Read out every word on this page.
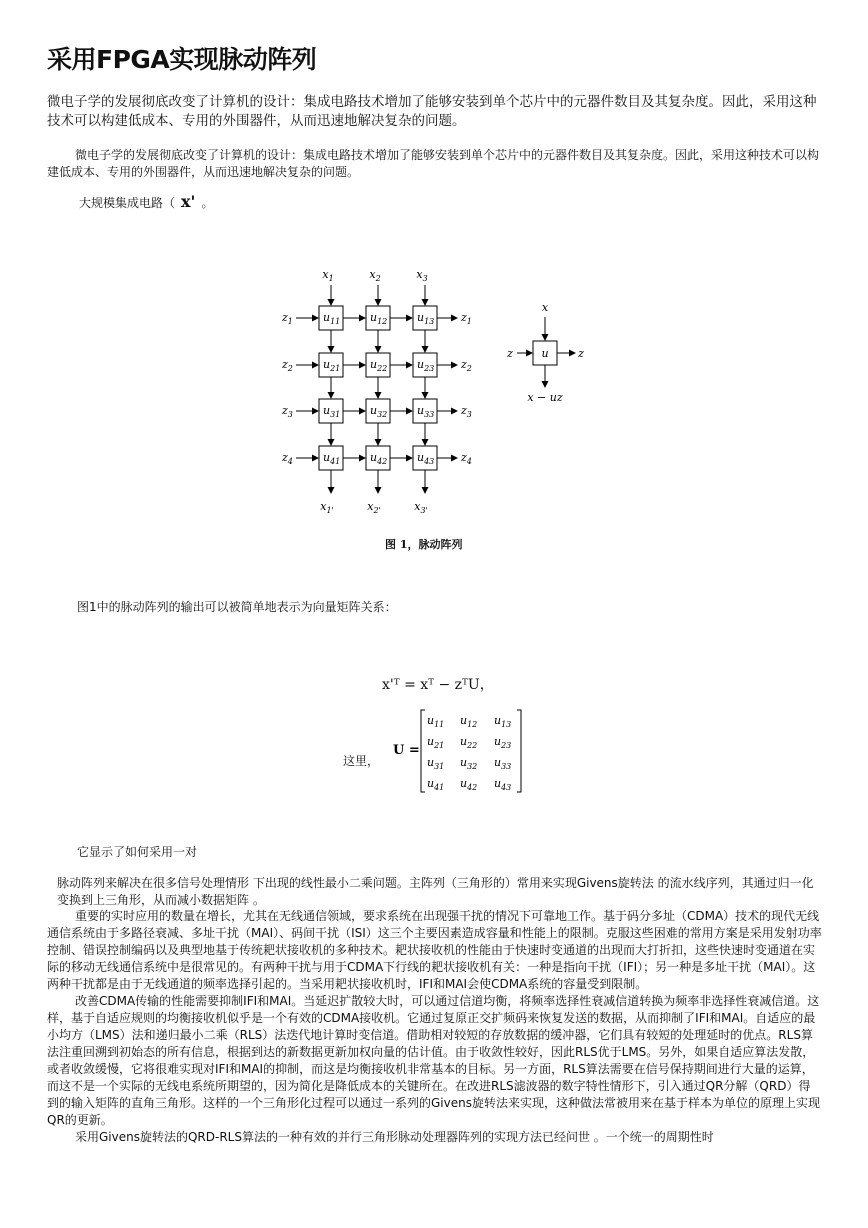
采用FPGA实现脉动阵列
微电子学的发展彻底改变了计算机的设计：集成电路技术增加了能够安装到单个芯片中的元器件数目及其复杂度。因此，采用这种技术可以构建低成本、专用的外围器件，从而迅速地解决复杂的问题。
微电子学的发展彻底改变了计算机的设计：集成电路技术增加了能够安装到单个芯片中的元器件数目及其复杂度。因此，采用这种技术可以构建低成本、专用的外围器件，从而迅速地解决复杂的问题。
大规模集成电路（ x' 。
$x_1$	$x_2$	$x_3$
$u_{11}$	$u_{12}$	$u_{13}$
$z_1$	$z_1$
$u_{21}$	$u_{22}$	$u_{23}$
$z_2$	$z_2$
$u_{31}$	$u_{32}$	$u_{33}$
$z_3$	$z_3$
$u_{41}$	$u_{42}$	$u_{43}$
$z_4$	$z_4$
$x_{1'}$	$x_{2'}$	$x_{3'}$
x
u
z	z
x − uz
图 1，脉动阵列
图1中的脉动阵列的输出可以被简单地表示为向量矩阵关系：
x'ᵀ = xᵀ − zᵀU，
这里，
U =
$u_{11}$ $u_{12}$ $u_{13}$
$u_{21}$ $u_{22}$ $u_{23}$
$u_{31}$ $u_{32}$ $u_{33}$
$u_{41}$ $u_{42}$ $u_{43}$
它显示了如何采用一对
脉动阵列来解决在很多信号处理情形 下出现的线性最小二乘问题。主阵列（三角形的）常用来实现Givens旋转法 的流水线序列，其通过归一化变换到上三角形，从而减小数据矩阵 。

重要的实时应用的数量在增长，尤其在无线通信领域，要求系统在出现强干扰的情况下可靠地工作。基于码分多址（CDMA）技术的现代无线通信系统由于多路径衰减、多址干扰（MAI）、码间干扰（ISI）这三个主要因素造成容量和性能上的限制。克服这些困难的常用方案是采用发射功率控制、错误控制编码以及典型地基于传统耙状接收机的多种技术。耙状接收机的性能由于快速时变通道的出现而大打折扣，这些快速时变通道在实际的移动无线通信系统中是很常见的。有两种干扰与用于CDMA下行线的耙状接收机有关：一种是指向干扰（IFI）；另一种是多址干扰（MAI）。这两种干扰都是由于无线通道的频率选择引起的。当采用耙状接收机时，IFI和MAI会使CDMA系统的容量受到限制。

改善CDMA传输的性能需要抑制IFI和MAI。当延迟扩散较大时，可以通过信道均衡，将频率选择性衰减信道转换为频率非选择性衰减信道。这样，基于自适应规则的均衡接收机似乎是一个有效的CDMA接收机。它通过复原正交扩频码来恢复发送的数据，从而抑制了IFI和MAI。自适应的最小均方（LMS）法和递归最小二乘（RLS）法迭代地计算时变信道。借助相对较短的存放数据的缓冲器，它们具有较短的处理延时的优点。RLS算法注重回溯到初始态的所有信息，根据到达的新数据更新加权向量的估计值。由于收敛性较好，因此RLS优于LMS。另外，如果自适应算法发散，或者收敛缓慢，它将很难实现对IFI和MAI的抑制，而这是均衡接收机非常基本的目标。另一方面，RLS算法需要在信号保持期间进行大量的运算，而这不是一个实际的无线电系统所期望的，因为简化是降低成本的关键所在。在改进RLS滤波器的数字特性情形下，引入通过QR分解（QRD）得到的输入矩阵的直角三角形。这样的一个三角形化过程可以通过一系列的Givens旋转法来实现，这种做法常被用来在基于样本为单位的原理上实现QR的更新。

采用Givens旋转法的QRD-RLS算法的一种有效的并行三角形脉动处理器阵列的实现方法已经问世 。一个统一的周期性时
